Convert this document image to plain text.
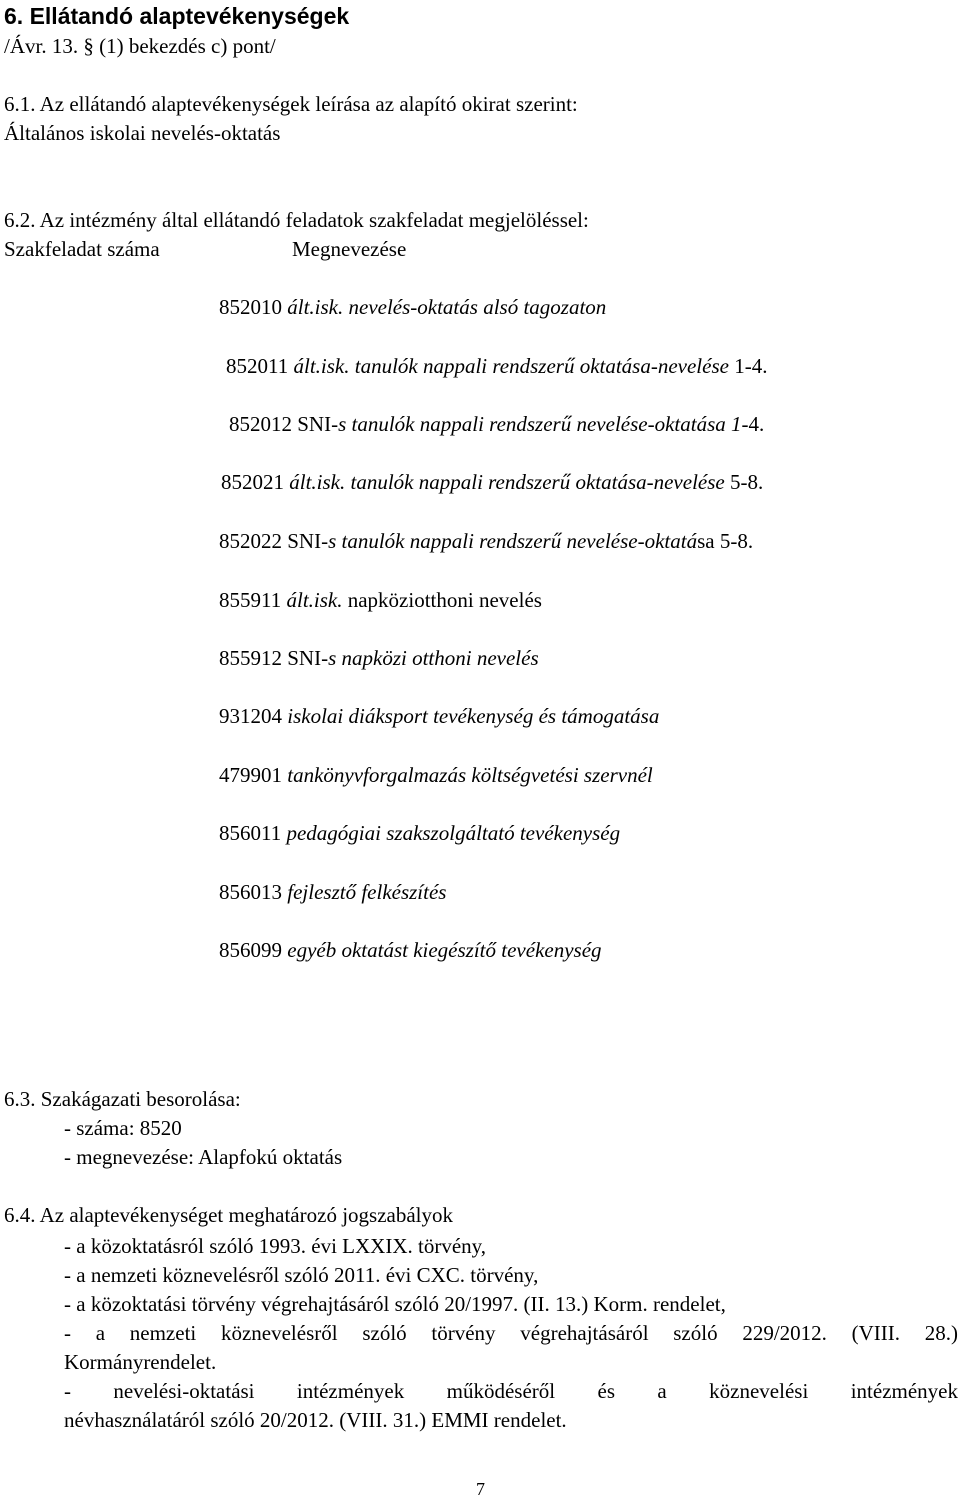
6. Ellátandó alaptevékenységek
/Ávr. 13. § (1) bekezdés c) pont/
6.1. Az ellátandó alaptevékenységek leírása az alapító okirat szerint:
Általános iskolai nevelés-oktatás
6.2. Az intézmény által ellátandó feladatok szakfeladat megjelöléssel:
Szakfeladat száma	Megnevezése
852010 ált.isk. nevelés-oktatás alsó tagozaton
852011 ált.isk. tanulók nappali rendszerű oktatása-nevelése 1-4.
852012 SNI-s tanulók nappali rendszerű nevelése-oktatása 1-4.
852021 ált.isk. tanulók nappali rendszerű oktatása-nevelése 5-8.
852022 SNI-s tanulók nappali rendszerű nevelése-oktatása 5-8.
855911 ált.isk. napköziotthoni nevelés
855912 SNI-s napközi otthoni nevelés
931204 iskolai diáksport tevékenység és támogatása
479901 tankönyvforgalmazás költségvetési szervnél
856011 pedagógiai szakszolgáltató tevékenység
856013 fejlesztő felkészítés
856099 egyéb oktatást kiegészítő tevékenység
6.3. Szakágazati besorolása:
- száma: 8520
- megnevezése: Alapfokú oktatás
6.4. Az alaptevékenységet meghatározó jogszabályok
- a közoktatásról szóló 1993. évi LXXIX. törvény,
- a nemzeti köznevelésről szóló 2011. évi CXC. törvény,
- a közoktatási törvény végrehajtásáról szóló 20/1997. (II. 13.) Korm. rendelet,
- a nemzeti köznevelésről szóló törvény végrehajtásáról szóló 229/2012. (VIII. 28.)
Kormányrendelet.
- nevelési-oktatási intézmények működéséről és a köznevelési intézmények
névhasználatáról szóló 20/2012. (VIII. 31.) EMMI rendelet.
7
